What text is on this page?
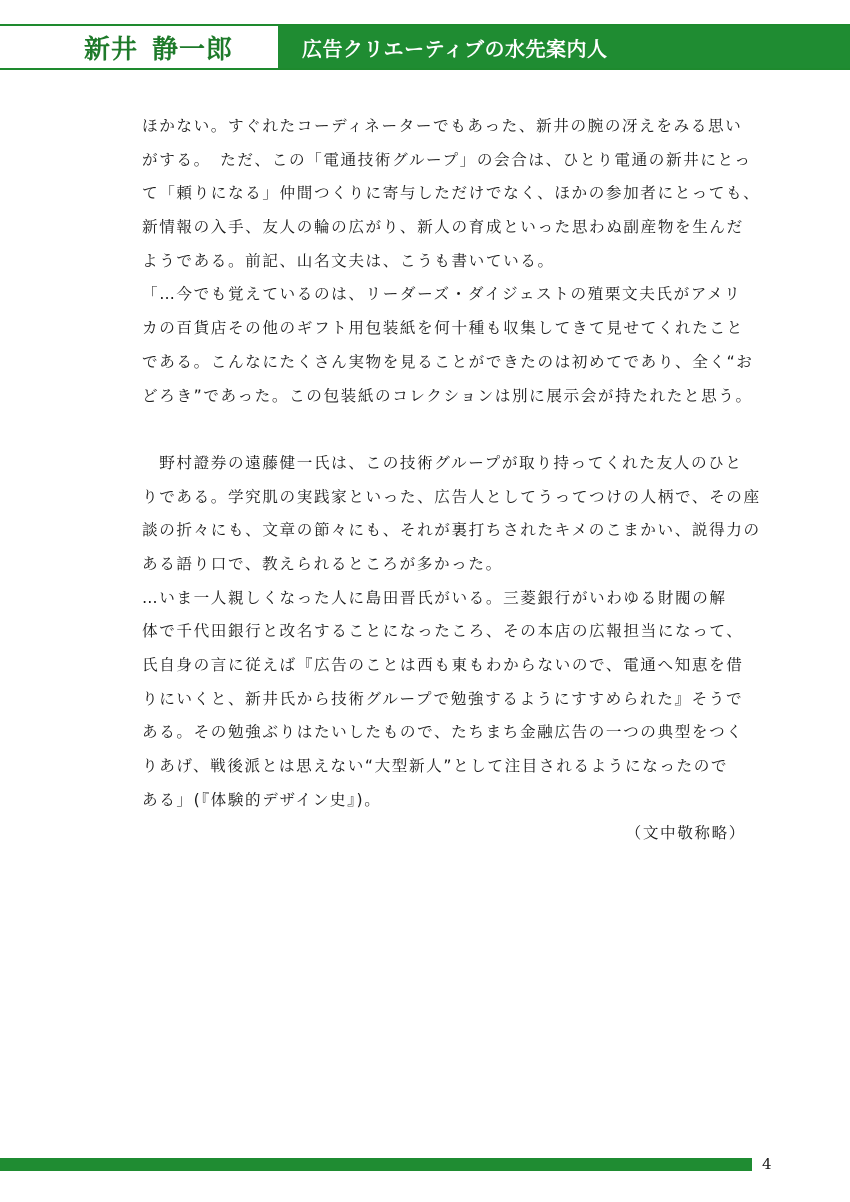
新井 静一郎	広告クリエーティブの水先案内人
ほかない。すぐれたコーディネーターでもあった、新井の腕の冴えをみる思い
がする。　ただ、この「電通技術グループ」の会合は、ひとり電通の新井にとっ
て「頼りになる」仲間つくりに寄与しただけでなく、ほかの参加者にとっても、
新情報の入手、友人の輪の広がり、新人の育成といった思わぬ副産物を生んだ
ようである。前記、山名文夫は、こうも書いている。
「…今でも覚えているのは、リーダーズ・ダイジェストの殖栗文夫氏がアメリ
カの百貨店その他のギフト用包装紙を何十種も収集してきて見せてくれたこと
である。こんなにたくさん実物を見ることができたのは初めてであり、全く“お
どろき”であった。この包装紙のコレクションは別に展示会が持たれたと思う。
　野村證券の遠藤健一氏は、この技術グループが取り持ってくれた友人のひと
りである。学究肌の実践家といった、広告人としてうってつけの人柄で、その座
談の折々にも、文章の節々にも、それが裏打ちされたキメのこまかい、説得力の
ある語り口で、教えられるところが多かった。
…いま一人親しくなった人に島田晋氏がいる。三菱銀行がいわゆる財閥の解
体で千代田銀行と改名することになったころ、その本店の広報担当になって、
氏自身の言に従えば『広告のことは西も東もわからないので、電通へ知恵を借
りにいくと、新井氏から技術グループで勉強するようにすすめられた』そうで
ある。その勉強ぶりはたいしたもので、たちまち金融広告の一つの典型をつく
りあげ、戦後派とは思えない“大型新人”として注目されるようになったので
ある」(『体験的デザイン史』)。
（文中敬称略）
4
